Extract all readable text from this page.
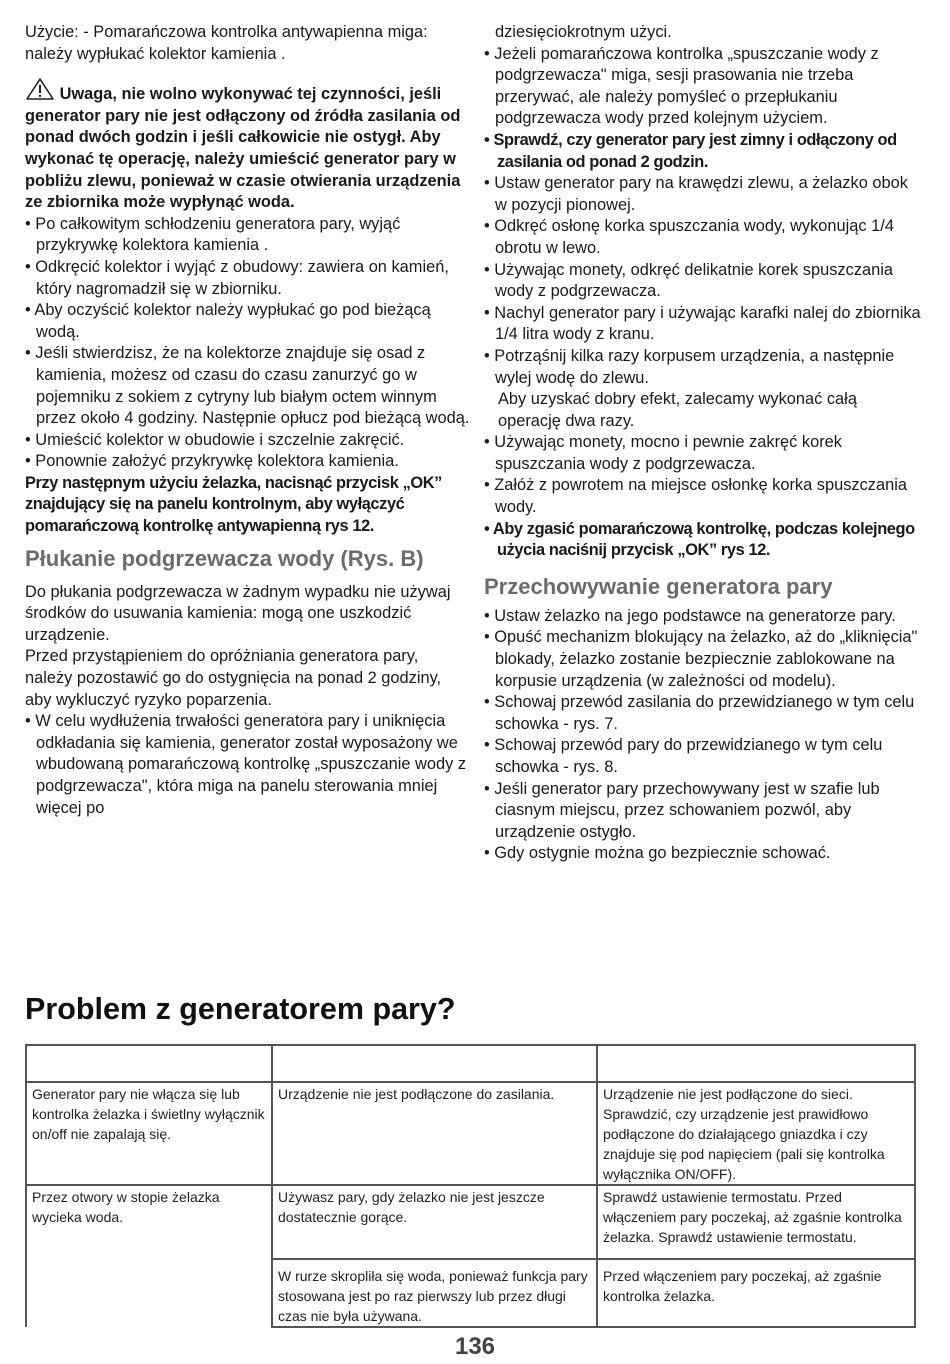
Użycie: - Pomarańczowa kontrolka antywapienna miga: należy wypłukać kolektor kamienia .

Uwaga, nie wolno wykonywać tej czynności, jeśli generator pary nie jest odłączony od źródła zasilania od ponad dwóch godzin i jeśli całkowicie nie ostygł. Aby wykonać tę operację, należy umieścić generator pary w pobliżu zlewu, ponieważ w czasie otwierania urządzenia ze zbiornika może wypłynąć woda.

• Po całkowitym schłodzeniu generatora pary, wyjąć przykrywkę kolektora kamienia .

• Odkręcić kolektor i wyjąć z obudowy: zawiera on kamień, który nagromadził się w zbiorniku.

• Aby oczyścić kolektor należy wypłukać go pod bieżącą wodą.

• Jeśli stwierdzisz, że na kolektorze znajduje się osad z kamienia, możesz od czasu do czasu zanurzyć go w pojemniku z sokiem z cytryny lub białym octem winnym przez około 4 godziny. Następnie opłucz pod bieżącą wodą.

• Umieścić kolektor w obudowie i szczelnie zakręcić.

• Ponownie założyć przykrywkę kolektora kamienia.

Przy następnym użyciu żelazka, nacisnąć przycisk „OK” znajdujący się na panelu kontrolnym, aby wyłączyć pomarańczową kontrolkę antywapienną rys 12.

Płukanie podgrzewacza wody (Rys. B)

Do płukania podgrzewacza w żadnym wypadku nie używaj środków do usuwania kamienia: mogą one uszkodzić urządzenie.

Przed przystąpieniem do opróżniania generatora pary, należy pozostawić go do ostygnięcia na ponad 2 godziny, aby wykluczyć ryzyko poparzenia.

• W celu wydłużenia trwałości generatora pary i uniknięcia odkładania się kamienia, generator został wyposażony we wbudowaną pomarańczową kontrolkę „spuszczanie wody z podgrzewacza", która miga na panelu sterowania mniej więcej po

dziesięciokrotnym użyci.

• Jeżeli pomarańczowa kontrolka „spuszczanie wody z podgrzewacza" miga, sesji prasowania nie trzeba przerywać, ale należy pomyśleć o przepłukaniu podgrzewacza wody przed kolejnym użyciem.

• Sprawdź, czy generator pary jest zimny i odłączony od zasilania od ponad 2 godzin.

• Ustaw generator pary na krawędzi zlewu, a żelazko obok w pozycji pionowej.

• Odkręć osłonę korka spuszczania wody, wykonując 1/4 obrotu w lewo.

• Używając monety, odkręć delikatnie korek spuszczania wody z podgrzewacza.

• Nachyl generator pary i używając karafki nalej do zbiornika 1/4 litra wody z kranu.

• Potrząśnij kilka razy korpusem urządzenia, a następnie wylej wodę do zlewu.

Aby uzyskać dobry efekt, zalecamy wykonać całą operację dwa razy.

• Używając monety, mocno i pewnie zakręć korek spuszczania wody z podgrzewacza.

• Załóż z powrotem na miejsce osłonkę korka spuszczania wody.

• Aby zgasić pomarańczową kontrolkę, podczas kolejnego użycia naciśnij przycisk „OK” rys 12.

Przechowywanie generatora pary

• Ustaw żelazko na jego podstawce na generatorze pary.

• Opuść mechanizm blokujący na żelazko, aż do „kliknięcia" blokady, żelazko zostanie bezpiecznie zablokowane na korpusie urządzenia (w zależności od modelu).

• Schowaj przewód zasilania do przewidzianego w tym celu schowka - rys. 7.

• Schowaj przewód pary do przewidzianego w tym celu schowka - rys. 8.

• Jeśli generator pary przechowywany jest w szafie lub ciasnym miejscu, przez schowaniem pozwól, aby urządzenie ostygło.

• Gdy ostygnie można go bezpiecznie schować.

Problem z generatorem pary?

Generator pary nie włącza się lub kontrolka żelazka i świetlny wyłącznik on/off nie zapalają się.	Urządzenie nie jest podłączone do zasilania.	Urządzenie nie jest podłączone do sieci. Sprawdzić, czy urządzenie jest prawidłowo podłączone do działającego gniazdka i czy znajduje się pod napięciem (pali się kontrolka wyłącznika ON/OFF).
Przez otwory w stopie żelazka wycieka woda.	Używasz pary, gdy żelazko nie jest jeszcze dostatecznie gorące.	Sprawdź ustawienie termostatu. Przed włączeniem pary poczekaj, aż zgaśnie kontrolka żelazka. Sprawdź ustawienie termostatu.
	W rurze skropliła się woda, ponieważ funkcja pary stosowana jest po raz pierwszy lub przez długi czas nie była używana.	Przed włączeniem pary poczekaj, aż zgaśnie kontrolka żelazka.
136
